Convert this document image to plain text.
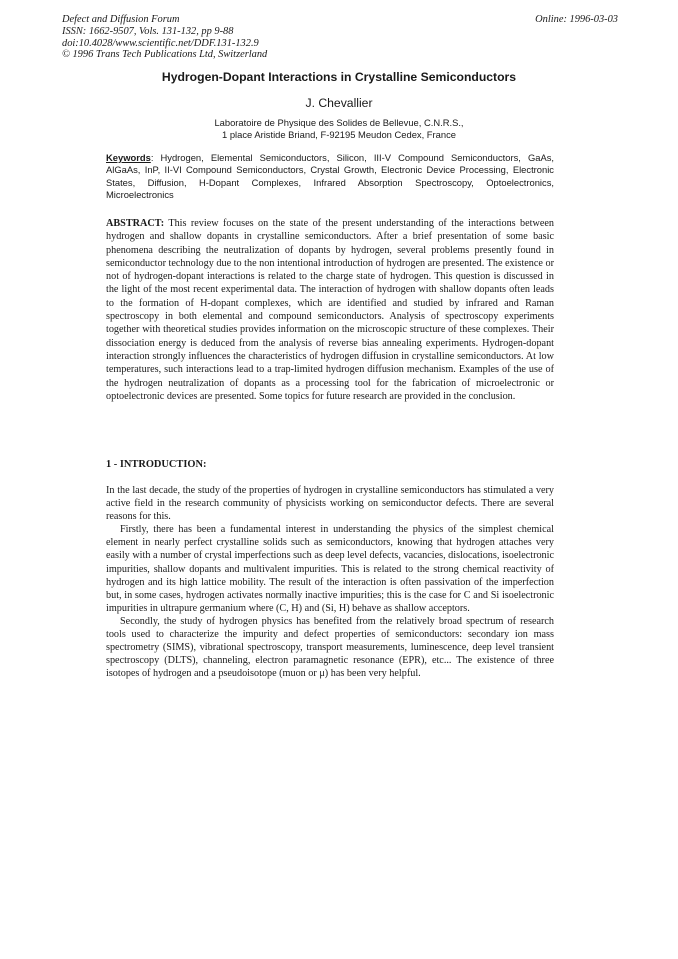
Defect and Diffusion Forum
ISSN: 1662-9507, Vols. 131-132, pp 9-88
doi:10.4028/www.scientific.net/DDF.131-132.9
© 1996 Trans Tech Publications Ltd, Switzerland
Online: 1996-03-03
Hydrogen-Dopant Interactions in Crystalline Semiconductors
J. Chevallier
Laboratoire de Physique des Solides de Bellevue, C.N.R.S.,
1 place Aristide Briand, F-92195 Meudon Cedex, France
Keywords: Hydrogen, Elemental Semiconductors, Silicon, III-V Compound Semiconductors, GaAs, AlGaAs, InP, II-VI Compound Semiconductors, Crystal Growth, Electronic Device Processing, Electronic States, Diffusion, H-Dopant Complexes, Infrared Absorption Spectroscopy, Optoelectronics, Microelectronics
ABSTRACT: This review focuses on the state of the present understanding of the interactions between hydrogen and shallow dopants in crystalline semiconductors. After a brief presentation of some basic phenomena describing the neutralization of dopants by hydrogen, several problems presently found in semiconductor technology due to the non intentional introduction of hydrogen are presented. The existence or not of hydrogen-dopant interactions is related to the charge state of hydrogen. This question is discussed in the light of the most recent experimental data. The interaction of hydrogen with shallow dopants often leads to the formation of H-dopant complexes, which are identified and studied by infrared and Raman spectroscopy in both elemental and compound semiconductors. Analysis of spectroscopy experiments together with theoretical studies provides information on the microscopic structure of these complexes. Their dissociation energy is deduced from the analysis of reverse bias annealing experiments. Hydrogen-dopant interaction strongly influences the characteristics of hydrogen diffusion in crystalline semiconductors. At low temperatures, such interactions lead to a trap-limited hydrogen diffusion mechanism. Examples of the use of the hydrogen neutralization of dopants as a processing tool for the fabrication of microelectronic or optoelectronic devices are presented. Some topics for future research are provided in the conclusion.
1 - INTRODUCTION:

In the last decade, the study of the properties of hydrogen in crystalline semiconductors has stimulated a very active field in the research community of physicists working on semiconductor defects. There are several reasons for this.

Firstly, there has been a fundamental interest in understanding the physics of the simplest chemical element in nearly perfect crystalline solids such as semiconductors, knowing that hydrogen attaches very easily with a number of crystal imperfections such as deep level defects, vacancies, dislocations, isoelectronic impurities, shallow dopants and multivalent impurities. This is related to the strong chemical reactivity of hydrogen and its high lattice mobility. The result of the interaction is often passivation of the imperfection but, in some cases, hydrogen activates normally inactive impurities; this is the case for C and Si isoelectronic impurities in ultrapure germanium where (C, H) and (Si, H) behave as shallow acceptors.

Secondly, the study of hydrogen physics has benefited from the relatively broad spectrum of research tools used to characterize the impurity and defect properties of semiconductors: secondary ion mass spectrometry (SIMS), vibrational spectroscopy, transport measurements, luminescence, deep level transient spectroscopy (DLTS), channeling, electron paramagnetic resonance (EPR), etc... The existence of three isotopes of hydrogen and a pseudoisotope (muon or μ) has been very helpful.
